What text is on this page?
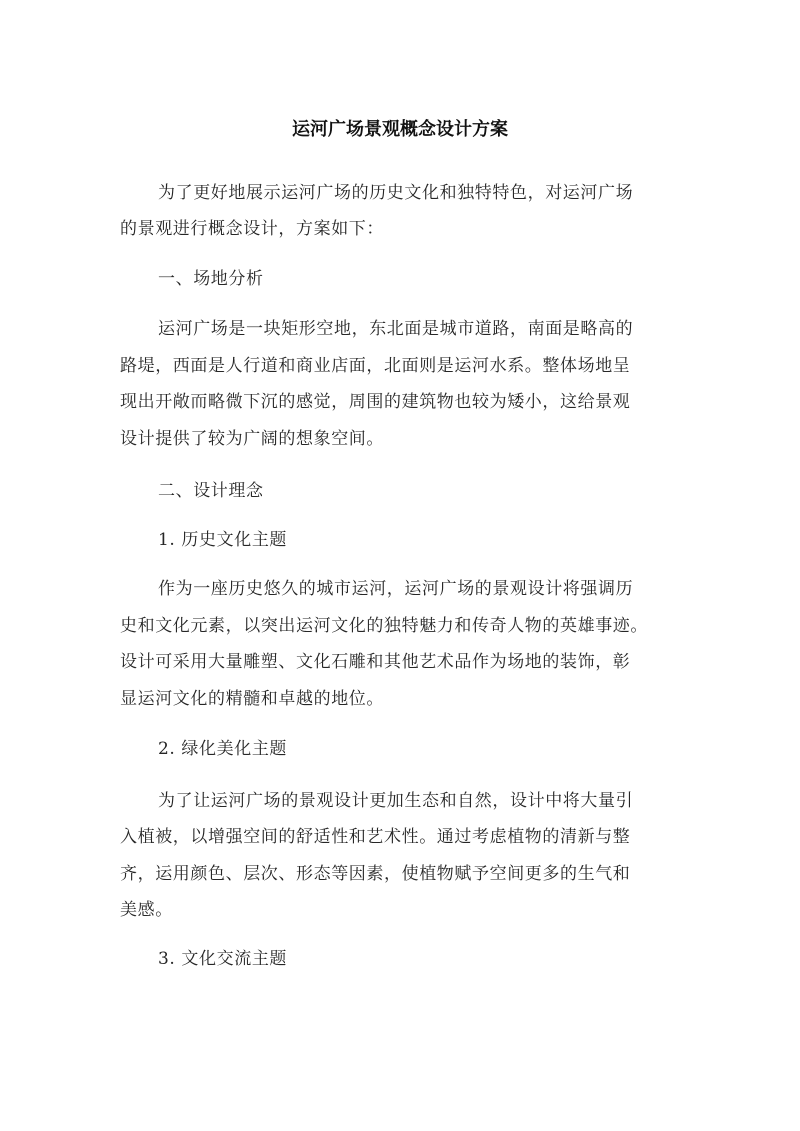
运河广场景观概念设计方案
为了更好地展示运河广场的历史文化和独特特色，对运河广场
的景观进行概念设计，方案如下：
一、场地分析
运河广场是一块矩形空地，东北面是城市道路，南面是略高的
路堤，西面是人行道和商业店面，北面则是运河水系。整体场地呈
现出开敞而略微下沉的感觉，周围的建筑物也较为矮小，这给景观
设计提供了较为广阔的想象空间。
二、设计理念
1. 历史文化主题
作为一座历史悠久的城市运河，运河广场的景观设计将强调历
史和文化元素，以突出运河文化的独特魅力和传奇人物的英雄事迹。
设计可采用大量雕塑、文化石雕和其他艺术品作为场地的装饰，彰
显运河文化的精髓和卓越的地位。
2. 绿化美化主题
为了让运河广场的景观设计更加生态和自然，设计中将大量引
入植被，以增强空间的舒适性和艺术性。通过考虑植物的清新与整
齐，运用颜色、层次、形态等因素，使植物赋予空间更多的生气和
美感。
3. 文化交流主题
